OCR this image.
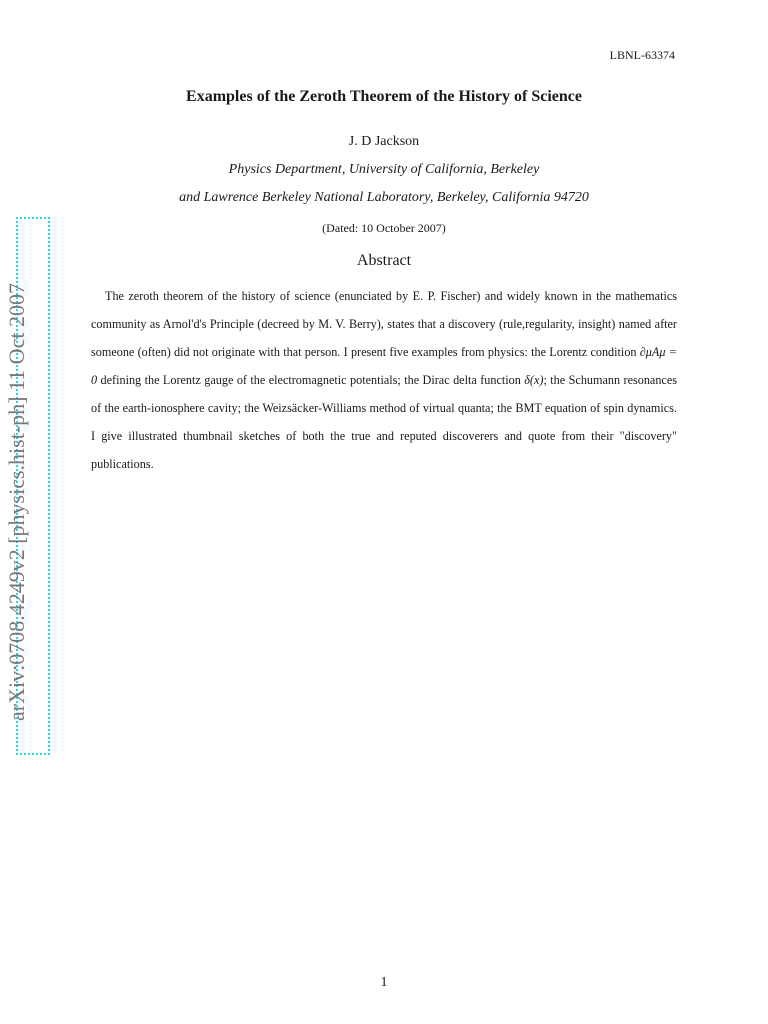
LBNL-63374
Examples of the Zeroth Theorem of the History of Science
J. D Jackson
Physics Department, University of California, Berkeley
and Lawrence Berkeley National Laboratory, Berkeley, California 94720
(Dated: 10 October 2007)
Abstract
The zeroth theorem of the history of science (enunciated by E. P. Fischer) and widely known in the mathematics community as Arnol'd's Principle (decreed by M. V. Berry), states that a discovery (rule,regularity, insight) named after someone (often) did not originate with that person. I present five examples from physics: the Lorentz condition ∂μAμ = 0 defining the Lorentz gauge of the electromagnetic potentials; the Dirac delta function δ(x); the Schumann resonances of the earth-ionosphere cavity; the Weizsäcker-Williams method of virtual quanta; the BMT equation of spin dynamics. I give illustrated thumbnail sketches of both the true and reputed discoverers and quote from their "discovery" publications.
arXiv:0708.4249v2 [physics.hist-ph] 11 Oct 2007
1
